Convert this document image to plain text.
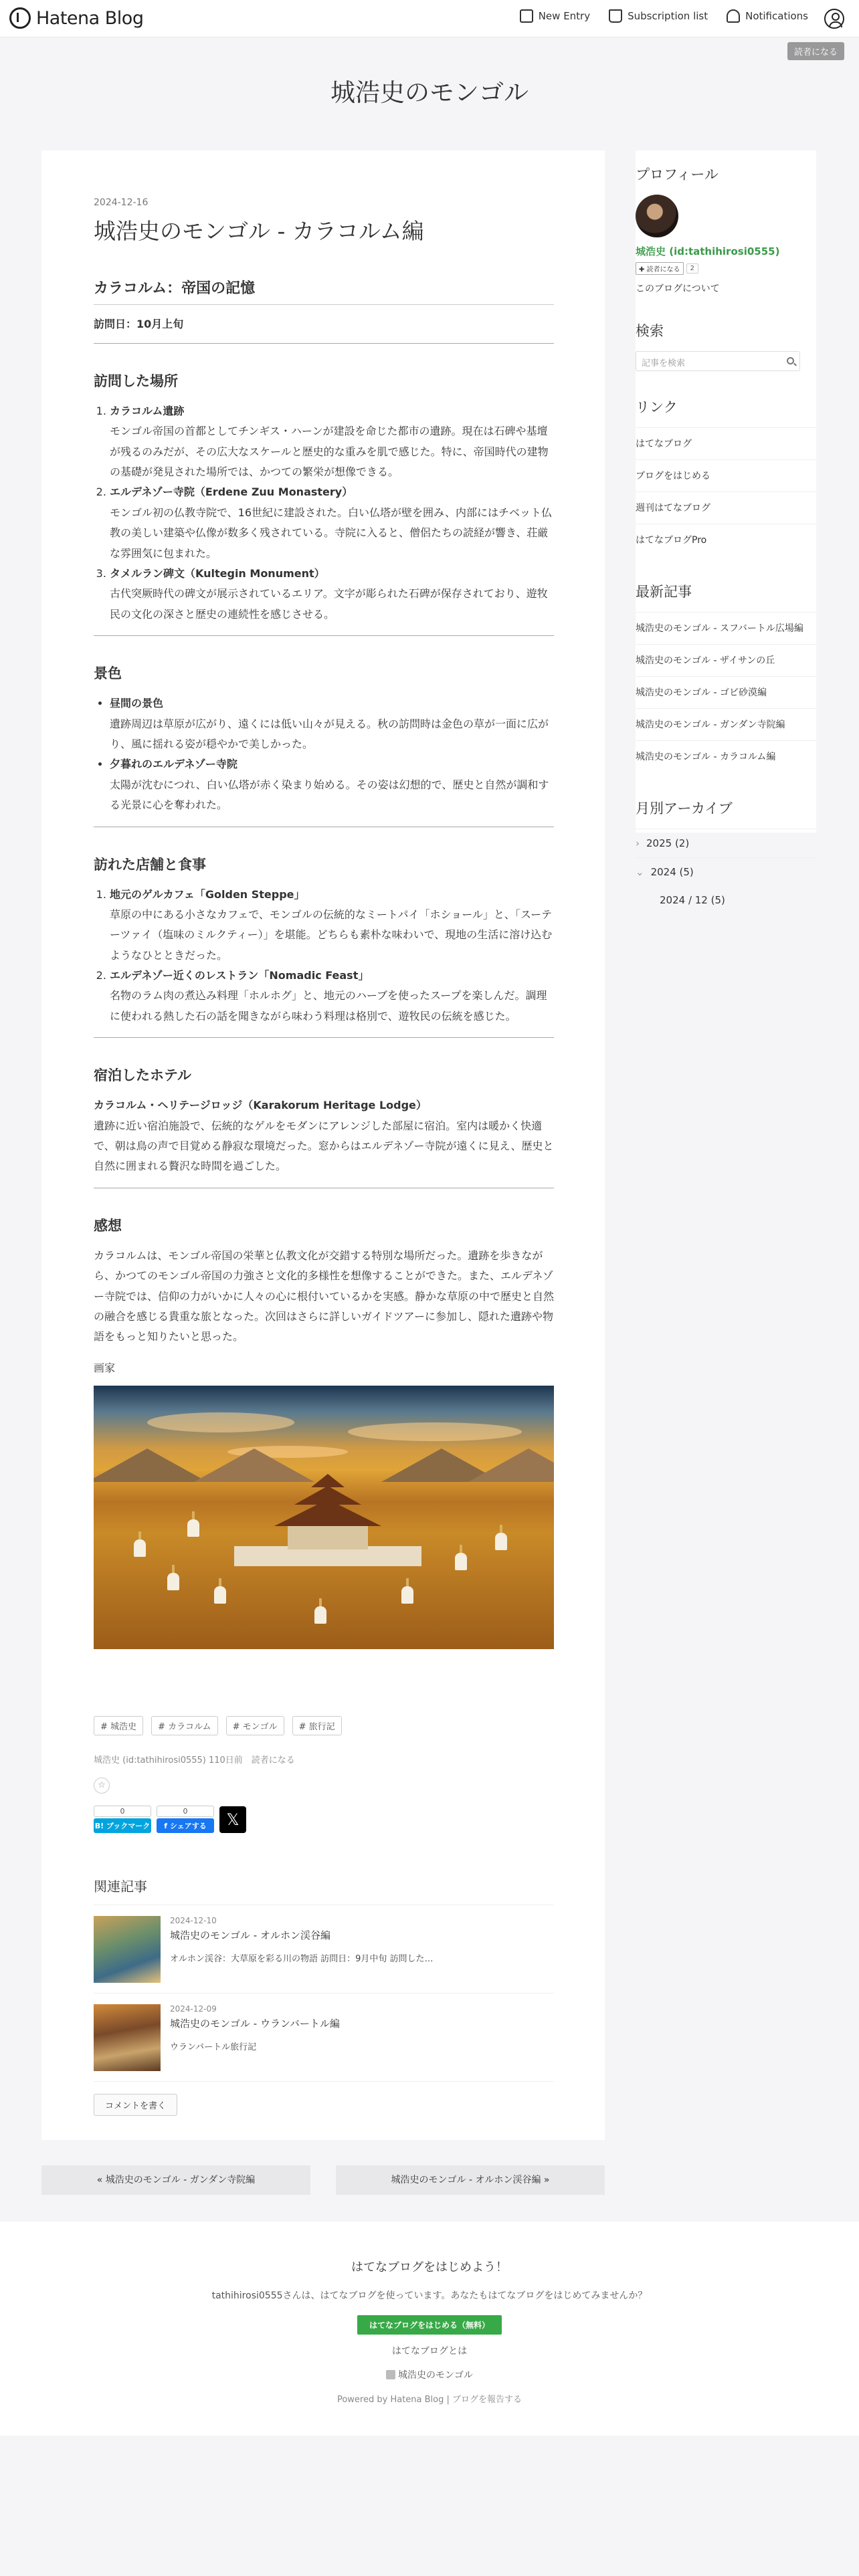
Hatena Blog	New Entry	Subscription list	Notifications
読者になる
城浩史のモンゴル
2024-12-16
城浩史のモンゴル - カラコルム編
カラコルム：帝国の記憶
訪問日：10月上旬
訪問した場所
1. カラコルム遺跡
モンゴル帝国の首都としてチンギス・ハーンが建設を命じた都市の遺跡。現在は石碑や基壇が残るのみだが、その広大なスケールと歴史的な重みを肌で感じた。特に、帝国時代の建物の基礎が発見された場所では、かつての繁栄が想像できる。
2. エルデネゾー寺院（Erdene Zuu Monastery）
モンゴル初の仏教寺院で、16世紀に建設された。白い仏塔が壁を囲み、内部にはチベット仏教の美しい建築や仏像が数多く残されている。寺院に入ると、僧侶たちの読経が響き、荘厳な雰囲気に包まれた。
3. タメルラン碑文（Kultegin Monument）
古代突厥時代の碑文が展示されているエリア。文字が彫られた石碑が保存されており、遊牧民の文化の深さと歴史の連続性を感じさせる。
景色
• 昼間の景色
遺跡周辺は草原が広がり、遠くには低い山々が見える。秋の訪問時は金色の草が一面に広がり、風に揺れる姿が穏やかで美しかった。
• 夕暮れのエルデネゾー寺院
太陽が沈むにつれ、白い仏塔が赤く染まり始める。その姿は幻想的で、歴史と自然が調和する光景に心を奪われた。
訪れた店舗と食事
1. 地元のゲルカフェ「Golden Steppe」
草原の中にある小さなカフェで、モンゴルの伝統的なミートパイ「ホショール」と、「スーテーツァイ（塩味のミルクティー）」を堪能。どちらも素朴な味わいで、現地の生活に溶け込むようなひとときだった。
2. エルデネゾー近くのレストラン「Nomadic Feast」
名物のラム肉の煮込み料理「ホルホグ」と、地元のハーブを使ったスープを楽しんだ。調理に使われる熱した石の話を聞きながら味わう料理は格別で、遊牧民の伝統を感じた。
宿泊したホテル
カラコルム・ヘリテージロッジ（Karakorum Heritage Lodge）
遺跡に近い宿泊施設で、伝統的なゲルをモダンにアレンジした部屋に宿泊。室内は暖かく快適で、朝は鳥の声で目覚める静寂な環境だった。窓からはエルデネゾー寺院が遠くに見え、歴史と自然に囲まれる贅沢な時間を過ごした。
感想

カラコルムは、モンゴル帝国の栄華と仏教文化が交錯する特別な場所だった。遺跡を歩きながら、かつてのモンゴル帝国の力強さと文化的多様性を想像することができた。また、エルデネゾー寺院では、信仰の力がいかに人々の心に根付いているかを実感。静かな草原の中で歴史と自然の融合を感じる貴重な旅となった。次回はさらに詳しいガイドツアーに参加し、隠れた遺跡や物語をもっと知りたいと思った。

画家
# 城浩史	# カラコルム	# モンゴル	# 旅行記
城浩史 (id:tathihirosi0555) 110日前　読者になる
☆
0
B! ブックマーク
0
f シェアする	𝕏
関連記事
2024-12-10
城浩史のモンゴル - オルホン渓谷編
オルホン渓谷：大草原を彩る川の物語 訪問日：9月中旬 訪問した…
2024-12-09
城浩史のモンゴル - ウランバートル編
ウランバートル旅行記
コメントを書く
プロフィール
城浩史 (id:tathihirosi0555)
✚ 読者になる	2
このブログについて
検索
記事を検索
リンク
はてなブログ
ブログをはじめる
週刊はてなブログ
はてなブログPro
最新記事
城浩史のモンゴル - スフバートル広場編
城浩史のモンゴル - ザイサンの丘
城浩史のモンゴル - ゴビ砂漠編
城浩史のモンゴル - ガンダン寺院編
城浩史のモンゴル - カラコルム編
月別アーカイブ
› 2025 (2)
⌄ 2024 (5)
2024 / 12 (5)
« 城浩史のモンゴル - ガンダン寺院編	城浩史のモンゴル - オルホン渓谷編 »
はてなブログをはじめよう！
tathihirosi0555さんは、はてなブログを使っています。あなたもはてなブログをはじめてみませんか？
はてなブログをはじめる（無料）
はてなブログとは
城浩史のモンゴル
Powered by Hatena Blog | ブログを報告する
